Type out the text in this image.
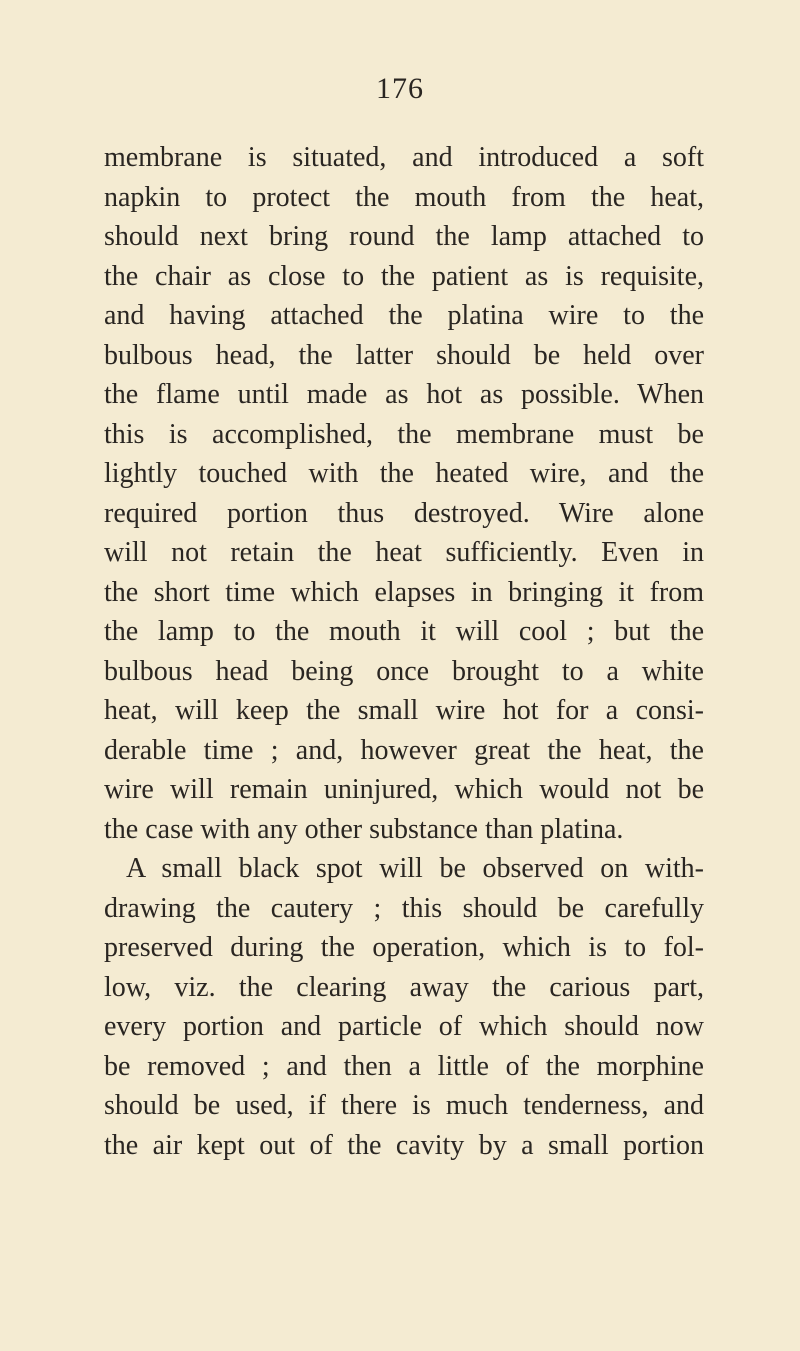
176
membrane is situated, and introduced a soft
napkin to protect the mouth from the heat,
should next bring round the lamp attached to
the chair as close to the patient as is requisite,
and having attached the platina wire to the
bulbous head, the latter should be held over
the flame until made as hot as possible. When
this is accomplished, the membrane must be
lightly touched with the heated wire, and the
required portion thus destroyed. Wire alone
will not retain the heat sufficiently. Even in
the short time which elapses in bringing it from
the lamp to the mouth it will cool ; but the
bulbous head being once brought to a white
heat, will keep the small wire hot for a consi-
derable time ; and, however great the heat, the
wire will remain uninjured, which would not be
the case with any other substance than platina.
A small black spot will be observed on with-
drawing the cautery ; this should be carefully
preserved during the operation, which is to fol-
low, viz. the clearing away the carious part,
every portion and particle of which should now
be removed ; and then a little of the morphine
should be used, if there is much tenderness, and
the air kept out of the cavity by a small portion
